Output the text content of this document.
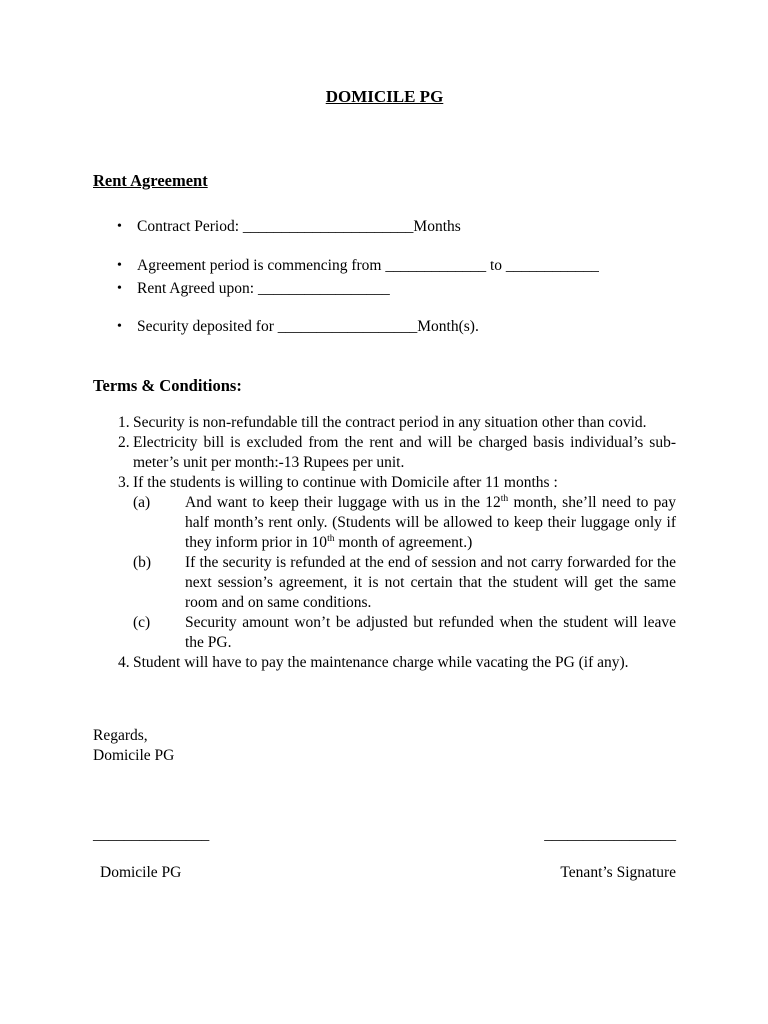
DOMICILE PG
Rent Agreement
• Contract Period: ______________________Months
• Agreement period is commencing from _____________ to ____________
• Rent Agreed upon: _________________
• Security deposited for __________________Month(s).
Terms & Conditions:
1. Security is non-refundable till the contract period in any situation other than covid.
2. Electricity bill is excluded from the rent and will be charged basis individual’s sub-meter’s unit per month:-13 Rupees per unit.
3. If the students is willing to continue with Domicile after 11 months :
(a) And want to keep their luggage with us in the 12th month, she’ll need to pay half month’s rent only. (Students will be allowed to keep their luggage only if they inform prior in 10th month of agreement.)
(b) If the security is refunded at the end of session and not carry forwarded for the next session’s agreement, it is not certain that the student will get the same room and on same conditions.
(c) Security amount won’t be adjusted but refunded when the student will leave the PG.
4. Student will have to pay the maintenance charge while vacating the PG (if any).
Regards,
Domicile PG
_______________	_________________
Domicile PG	Tenant’s Signature
